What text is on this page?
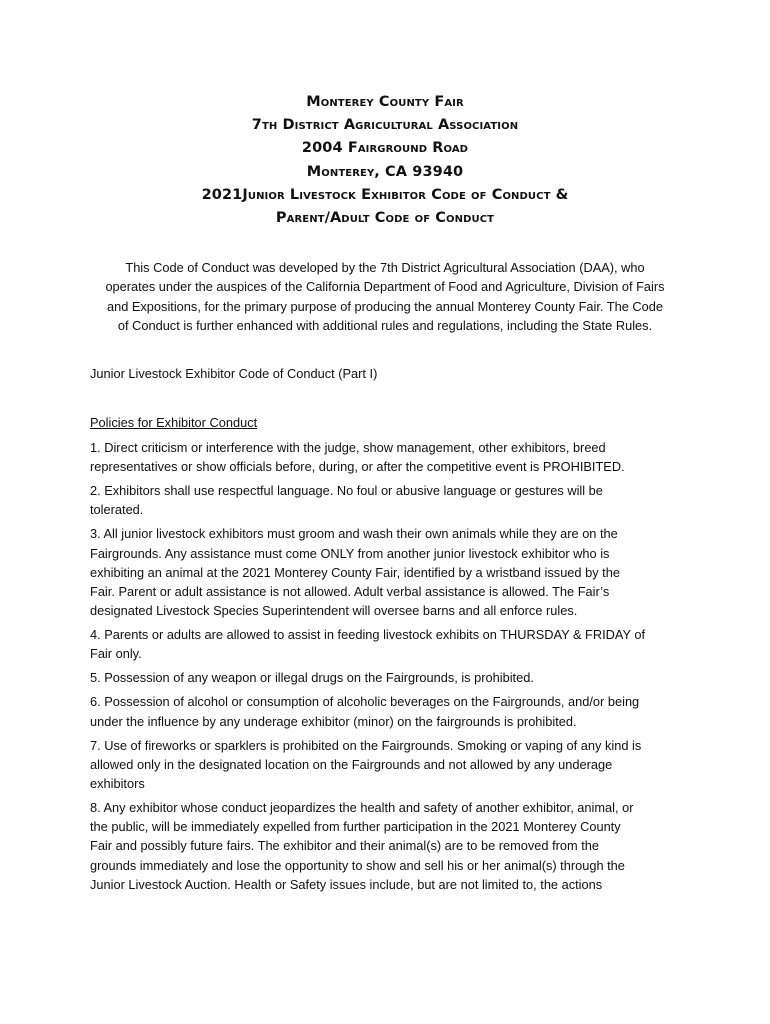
Monterey County Fair
7th District Agricultural Association
2004 Fairground Road
Monterey, CA 93940
2021Junior Livestock Exhibitor Code of Conduct &
Parent/Adult Code of Conduct
This Code of Conduct was developed by the 7th District Agricultural Association (DAA), who
operates under the auspices of the California Department of Food and Agriculture, Division of Fairs
and Expositions, for the primary purpose of producing the annual Monterey County Fair. The Code
of Conduct is further enhanced with additional rules and regulations, including the State Rules.
Junior Livestock Exhibitor Code of Conduct (Part I)
Policies for Exhibitor Conduct
1. Direct criticism or interference with the judge, show management, other exhibitors, breed
representatives or show officials before, during, or after the competitive event is PROHIBITED.
2. Exhibitors shall use respectful language. No foul or abusive language or gestures will be
tolerated.
3. All junior livestock exhibitors must groom and wash their own animals while they are on the
Fairgrounds. Any assistance must come ONLY from another junior livestock exhibitor who is
exhibiting an animal at the 2021 Monterey County Fair, identified by a wristband issued by the
Fair. Parent or adult assistance is not allowed. Adult verbal assistance is allowed. The Fair’s
designated Livestock Species Superintendent will oversee barns and all enforce rules.
4. Parents or adults are allowed to assist in feeding livestock exhibits on THURSDAY & FRIDAY of
Fair only.
5. Possession of any weapon or illegal drugs on the Fairgrounds, is prohibited.
6. Possession of alcohol or consumption of alcoholic beverages on the Fairgrounds, and/or being
under the influence by any underage exhibitor (minor) on the fairgrounds is prohibited.
7. Use of fireworks or sparklers is prohibited on the Fairgrounds. Smoking or vaping of any kind is
allowed only in the designated location on the Fairgrounds and not allowed by any underage
exhibitors
8. Any exhibitor whose conduct jeopardizes the health and safety of another exhibitor, animal, or
the public, will be immediately expelled from further participation in the 2021 Monterey County
Fair and possibly future fairs. The exhibitor and their animal(s) are to be removed from the
grounds immediately and lose the opportunity to show and sell his or her animal(s) through the
Junior Livestock Auction. Health or Safety issues include, but are not limited to, the actions
